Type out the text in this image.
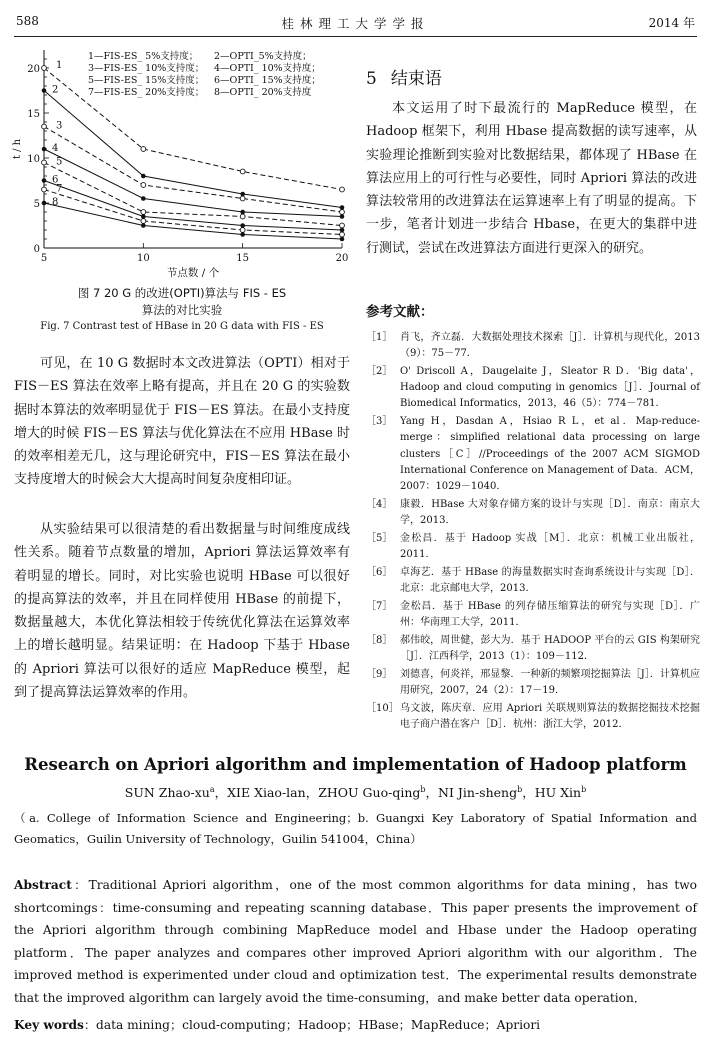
588	桂林理工大学学报	2014 年
0
5
10
15
20
5	10	15	20
节点数 / 个
t / h
1
2
3
4
5
6
7
8
1—FIS-ES_ 5%支持度； 2—OPTI_5%支持度；
3—FIS-ES_ 10%支持度； 4—OPTI_ 10%支持度；
5—FIS-ES_ 15%支持度； 6—OPTI_ 15%支持度；
7—FIS-ES_ 20%支持度； 8—OPTI_ 20%支持度
图 7 20 G 的改进(OPTI)算法与 FIS - ES
算法的对比实验
Fig. 7 Contrast test of HBase in 20 G data with FIS - ES

可见，在 10 G 数据时本文改进算法（OPTI）相对于 FIS－ES 算法在效率上略有提高，并且在 20 G 的实验数据时本算法的效率明显优于 FIS－ES 算法。在最小支持度增大的时候 FIS－ES 算法与优化算法在不应用 HBase 时的效率相差无几，这与理论研究中，FIS－ES 算法在最小支持度增大的时候会大大提高时间复杂度相印证。

从实验结果可以很清楚的看出数据量与时间维度成线性关系。随着节点数量的增加，Apriori 算法运算效率有着明显的增长。同时，对比实验也说明 HBase 可以很好的提高算法的效率，并且在同样使用 HBase 的前提下，数据量越大，本优化算法相较于传统优化算法在运算效率上的增长越明显。结果证明：在 Hadoop 下基于 Hbase 的 Apriori 算法可以很好的适应 MapReduce 模型，起到了提高算法运算效率的作用。

5 结束语

本文运用了时下最流行的 MapReduce 模型，在 Hadoop 框架下，利用 Hbase 提高数据的读写速率，从实验理论推断到实验对比数据结果，都体现了 HBase 在算法应用上的可行性与必要性，同时 Apriori 算法的改进算法较常用的改进算法在运算速率上有了明显的提高。下一步，笔者计划进一步结合 Hbase，在更大的集群中进行测试，尝试在改进算法方面进行更深入的研究。

参考文献：
［1］ 肖飞，齐立磊．大数据处理技术探索［J］．计算机与现代化，2013（9）：75－77．
［2］ O' Driscoll A，Daugelaite J，Sleator R D．'Big data'，Hadoop and cloud computing in genomics［J］．Journal of Biomedical Informatics，2013，46（5）：774－781．
［3］ Yang H，Dasdan A，Hsiao R L，et al．Map-reduce-merge：simplified relational data processing on large clusters［C］//Proceedings of the 2007 ACM SIGMOD International Conference on Management of Data．ACM，2007：1029－1040．
［4］ 康毅．HBase 大对象存储方案的设计与实现［D］．南京：南京大学，2013．
［5］ 金松昌．基于 Hadoop 实战［M］．北京：机械工业出版社，2011．
［6］ 卓海艺．基于 HBase 的海量数据实时查询系统设计与实现［D］．北京：北京邮电大学，2013．
［7］ 金松昌．基于 HBase 的列存储压缩算法的研究与实现［D］．广州：华南理工大学，2011．
［8］ 郝伟皎，周世健，彭大为．基于 HADOOP 平台的云 GIS 构架研究［J］．江西科学，2013（1）：109－112．
［9］ 刘德喜，何炎祥，邢显黎．一种新的频繁项挖掘算法［J］．计算机应用研究，2007，24（2）：17－19．
［10］ 乌文波，陈庆章．应用 Apriori 关联规则算法的数据挖掘技术挖掘电子商户潜在客户［D］．杭州：浙江大学，2012．
Research on Apriori algorithm and implementation of Hadoop platform
SUN Zhao-$xu^a$，XIE Xiao-lan，ZHOU Guo-qing$^b$，NI Jin-sheng$^b$，HU Xin$^b$
（a. College of Information Science and Engineering；b. Guangxi Key Laboratory of Spatial Information and Geomatics，Guilin University of Technology，Guilin 541004，China）
Abstract：Traditional Apriori algorithm，one of the most common algorithms for data mining，has two shortcomings：time-consuming and repeating scanning database．This paper presents the improvement of the Apriori algorithm through combining MapReduce model and Hbase under the Hadoop operating platform．The paper analyzes and compares other improved Apriori algorithm with our algorithm．The improved method is experimented under cloud and optimization test．The experimental results demonstrate that the improved algorithm can largely avoid the time-consuming，and make better data operation．
Key words：data mining；cloud-computing；Hadoop；HBase；MapReduce；Apriori
